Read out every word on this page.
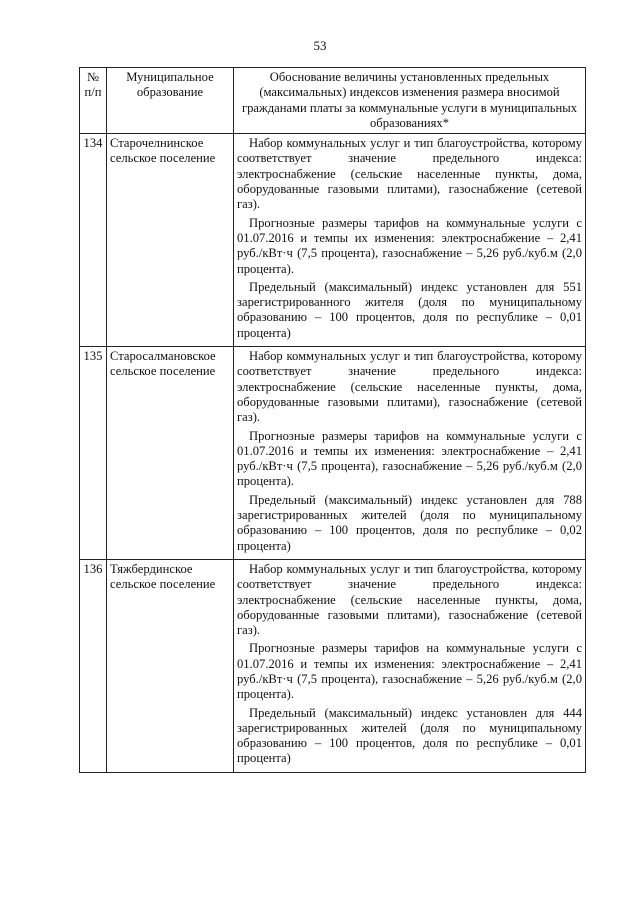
53
№ п/п	Муниципальное образование	Обоснование величины установленных предельных (максимальных) индексов изменения размера вносимой гражданами платы за коммунальные услуги в муниципальных образованиях*
134	Старочелнинское сельское поселение	Набор коммунальных услуг и тип благоустройства, которому соответствует значение предельного индекса: электроснабжение (сельские населенные пункты, дома, оборудованные газовыми плитами), газоснабжение (сетевой газ).

Прогнозные размеры тарифов на коммунальные услуги с 01.07.2016 и темпы их изменения: электроснабжение – 2,41 руб./кВт·ч (7,5 процента), газоснабжение – 5,26 руб./куб.м (2,0 процента).

Предельный (максимальный) индекс установлен для 551 зарегистрированного жителя (доля по муниципальному образованию – 100 процентов, доля по республике – 0,01 процента)

135	Старосалмановское сельское поселение	Набор коммунальных услуг и тип благоустройства, которому соответствует значение предельного индекса: электроснабжение (сельские населенные пункты, дома, оборудованные газовыми плитами), газоснабжение (сетевой газ).

Прогнозные размеры тарифов на коммунальные услуги с 01.07.2016 и темпы их изменения: электроснабжение – 2,41 руб./кВт·ч (7,5 процента), газоснабжение – 5,26 руб./куб.м (2,0 процента).

Предельный (максимальный) индекс установлен для 788 зарегистрированных жителей (доля по муниципальному образованию – 100 процентов, доля по республике – 0,02 процента)

136	Тяжбердинское сельское поселение	Набор коммунальных услуг и тип благоустройства, которому соответствует значение предельного индекса: электроснабжение (сельские населенные пункты, дома, оборудованные газовыми плитами), газоснабжение (сетевой газ).

Прогнозные размеры тарифов на коммунальные услуги с 01.07.2016 и темпы их изменения: электроснабжение – 2,41 руб./кВт·ч (7,5 процента), газоснабжение – 5,26 руб./куб.м (2,0 процента).

Предельный (максимальный) индекс установлен для 444 зарегистрированных жителей (доля по муниципальному образованию – 100 процентов, доля по республике – 0,01 процента)
